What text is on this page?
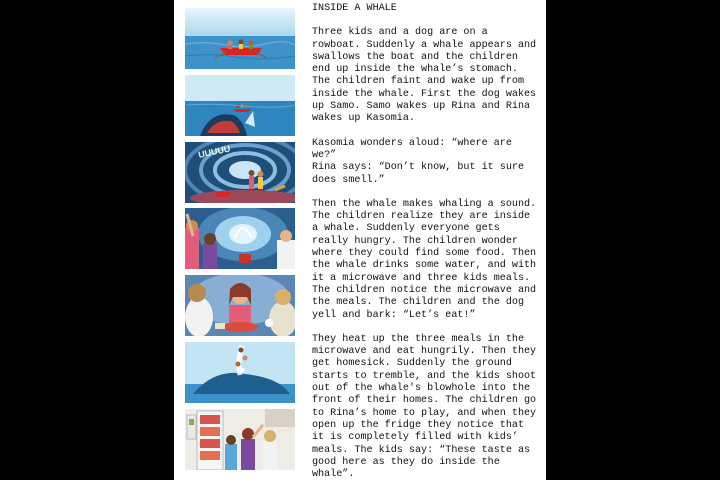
UUUUU
INSIDE A WHALE

Three kids and a dog are on a rowboat. Suddenly a whale appears and swallows the boat and the children end up inside the whale’s stomach. The children faint and wake up from inside the whale. First the dog wakes up Samo. Samo wakes up Rina and Rina wakes up Kasomia.

Kasomia wonders aloud: “where are we?”

Rina says: “Don’t know, but it sure does smell.”

Then the whale makes whaling a sound. The children realize they are inside a whale. Suddenly everyone gets really hungry. The children wonder where they could find some food. Then the whale drinks some water, and with it a microwave and three kids meals. The children notice the microwave and the meals. The children and the dog yell and bark: “Let’s eat!”

They heat up the three meals in the microwave and eat hungrily. Then they get homesick. Suddenly the ground starts to tremble, and the kids shoot out of the whale's blowhole into the front of their homes. The children go to Rina’s home to play, and when they open up the fridge they notice that it is completely filled with kids’ meals. The kids say: “These taste as good here as they do inside the whale”.
